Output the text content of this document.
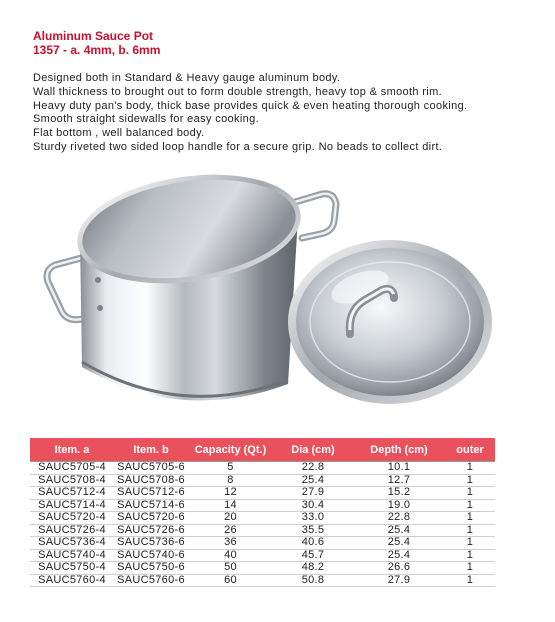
Aluminum Sauce Pot
1357 - a. 4mm, b. 6mm
Designed both in Standard & Heavy gauge aluminum body.
Wall thickness to brought out to form double strength, heavy top & smooth rim.
Heavy duty pan's body, thick base provides quick & even heating thorough cooking.
Smooth straight sidewalls for easy cooking.
Flat bottom , well balanced body.
Sturdy riveted two sided loop handle for a secure grip. No beads to collect dirt.
Item. a	Item. b	Capacity (Qt.)	Dia (cm)	Depth (cm)	outer
SAUC5705-4	SAUC5705-6	5	22.8	10.1	1
SAUC5708-4	SAUC5708-6	8	25.4	12.7	1
SAUC5712-4	SAUC5712-6	12	27.9	15.2	1
SAUC5714-4	SAUC5714-6	14	30.4	19.0	1
SAUC5720-4	SAUC5720-6	20	33.0	22.8	1
SAUC5726-4	SAUC5726-6	26	35.5	25.4	1
SAUC5736-4	SAUC5736-6	36	40.6	25.4	1
SAUC5740-4	SAUC5740-6	40	45.7	25.4	1
SAUC5750-4	SAUC5750-6	50	48.2	26.6	1
SAUC5760-4	SAUC5760-6	60	50.8	27.9	1
